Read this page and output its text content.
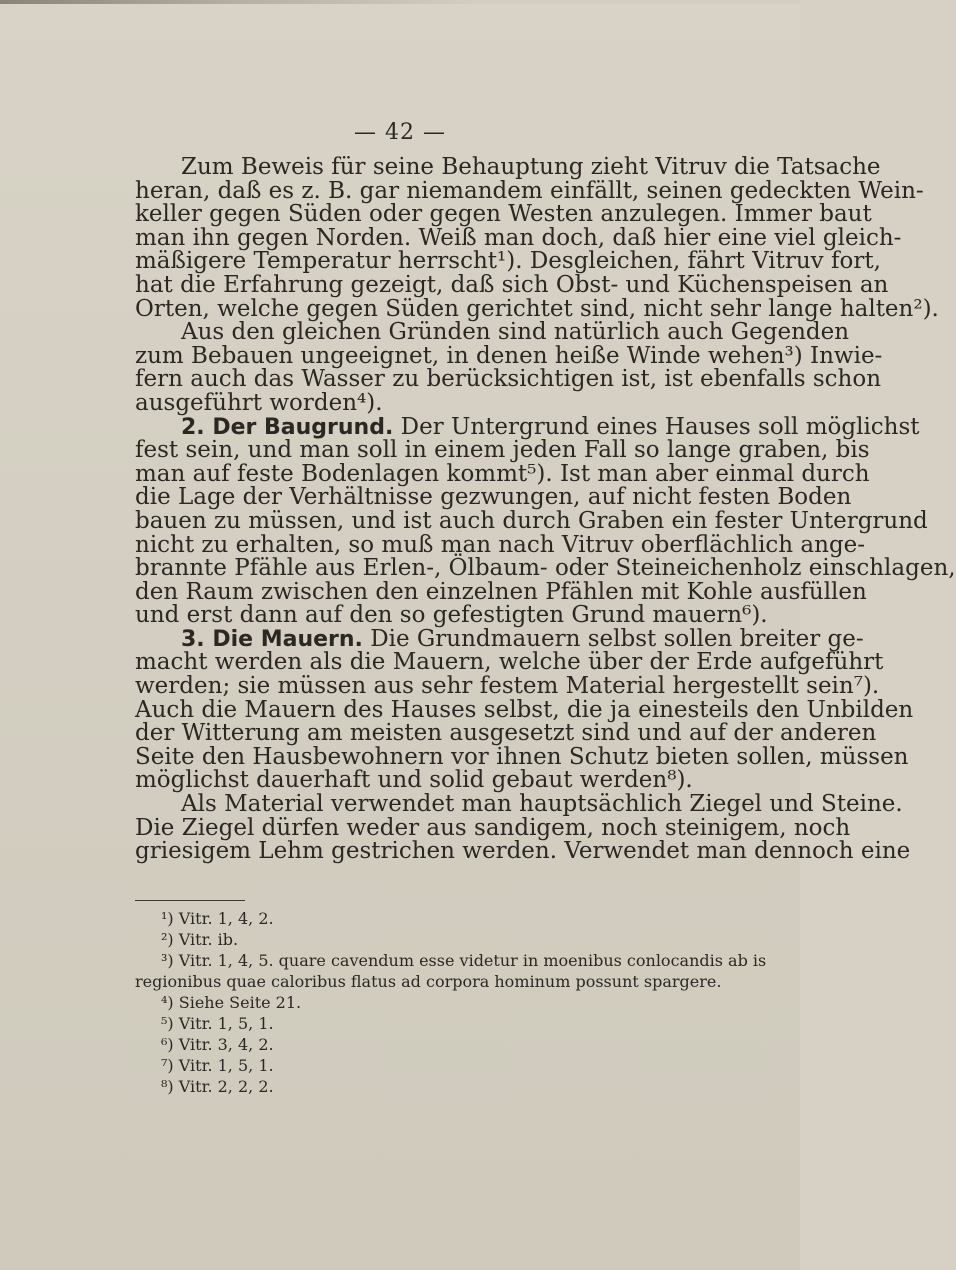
— 42 —
Zum Beweis für seine Behauptung zieht Vitruv die Tatsache
heran, daß es z. B. gar niemandem einfällt, seinen gedeckten Wein-
keller gegen Süden oder gegen Westen anzulegen. Immer baut
man ihn gegen Norden. Weiß man doch, daß hier eine viel gleich-
mäßigere Temperatur herrscht¹). Desgleichen, fährt Vitruv fort,
hat die Erfahrung gezeigt, daß sich Obst- und Küchenspeisen an
Orten, welche gegen Süden gerichtet sind, nicht sehr lange halten²).
Aus den gleichen Gründen sind natürlich auch Gegenden
zum Bebauen ungeeignet, in denen heiße Winde wehen³) Inwie-
fern auch das Wasser zu berücksichtigen ist, ist ebenfalls schon
ausgeführt worden⁴).
2. Der Baugrund. Der Untergrund eines Hauses soll möglichst
fest sein, und man soll in einem jeden Fall so lange graben, bis
man auf feste Bodenlagen kommt⁵). Ist man aber einmal durch
die Lage der Verhältnisse gezwungen, auf nicht festen Boden
bauen zu müssen, und ist auch durch Graben ein fester Untergrund
nicht zu erhalten, so muß man nach Vitruv oberflächlich ange-
brannte Pfähle aus Erlen-, Ölbaum- oder Steineichenholz einschlagen,
den Raum zwischen den einzelnen Pfählen mit Kohle ausfüllen
und erst dann auf den so gefestigten Grund mauern⁶).
3. Die Mauern. Die Grundmauern selbst sollen breiter ge-
macht werden als die Mauern, welche über der Erde aufgeführt
werden; sie müssen aus sehr festem Material hergestellt sein⁷).
Auch die Mauern des Hauses selbst, die ja einesteils den Unbilden
der Witterung am meisten ausgesetzt sind und auf der anderen
Seite den Hausbewohnern vor ihnen Schutz bieten sollen, müssen
möglichst dauerhaft und solid gebaut werden⁸).
Als Material verwendet man hauptsächlich Ziegel und Steine.
Die Ziegel dürfen weder aus sandigem, noch steinigem, noch
griesigem Lehm gestrichen werden. Verwendet man dennoch eine
¹) Vitr. 1, 4, 2.
²) Vitr. ib.
³) Vitr. 1, 4, 5. quare cavendum esse videtur in moenibus conlocandis ab is
regionibus quae caloribus flatus ad corpora hominum possunt spargere.
⁴) Siehe Seite 21.
⁵) Vitr. 1, 5, 1.
⁶) Vitr. 3, 4, 2.
⁷) Vitr. 1, 5, 1.
⁸) Vitr. 2, 2, 2.
